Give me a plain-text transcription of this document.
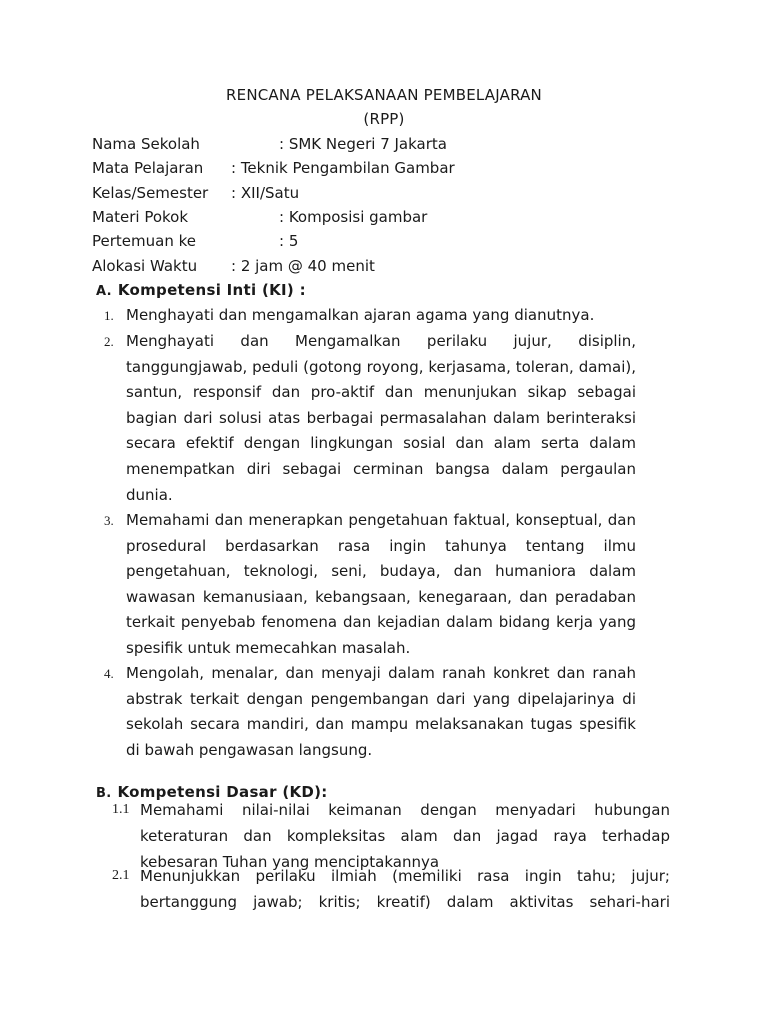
RENCANA PELAKSANAAN PEMBELAJARAN
(RPP)
Nama Sekolah	: SMK Negeri 7 Jakarta
Mata Pelajaran : Teknik Pengambilan Gambar
Kelas/Semester : XII/Satu
Materi Pokok	: Komposisi gambar
Pertemuan ke	: 5
Alokasi Waktu : 2 jam @ 40 menit
A. Kompetensi Inti (KI) :
1. Menghayati dan mengamalkan ajaran agama yang dianutnya.
2. Menghayati dan Mengamalkan perilaku jujur, disiplin, tanggungjawab, peduli (gotong royong, kerjasama, toleran, damai), santun, responsif dan pro-aktif dan menunjukan sikap sebagai bagian dari solusi atas berbagai permasalahan dalam berinteraksi secara efektif dengan lingkungan sosial dan alam serta dalam menempatkan diri sebagai cerminan bangsa dalam pergaulan dunia.
3. Memahami dan menerapkan pengetahuan faktual, konseptual, dan prosedural berdasarkan rasa ingin tahunya tentang ilmu pengetahuan, teknologi, seni, budaya, dan humaniora dalam wawasan kemanusiaan, kebangsaan, kenegaraan, dan peradaban terkait penyebab fenomena dan kejadian dalam bidang kerja yang spesifik untuk memecahkan masalah.
4. Mengolah, menalar, dan menyaji dalam ranah konkret dan ranah abstrak terkait dengan pengembangan dari yang dipelajarinya di sekolah secara mandiri, dan mampu melaksanakan tugas spesifik di bawah pengawasan langsung.
B. Kompetensi Dasar (KD):
1.1 Memahami nilai-nilai keimanan dengan menyadari hubungan keteraturan dan kompleksitas alam dan jagad raya terhadap kebesaran Tuhan yang menciptakannya
2.1 Menunjukkan perilaku ilmiah (memiliki rasa ingin tahu; jujur; bertanggung jawab; kritis; kreatif) dalam aktivitas sehari-hari
